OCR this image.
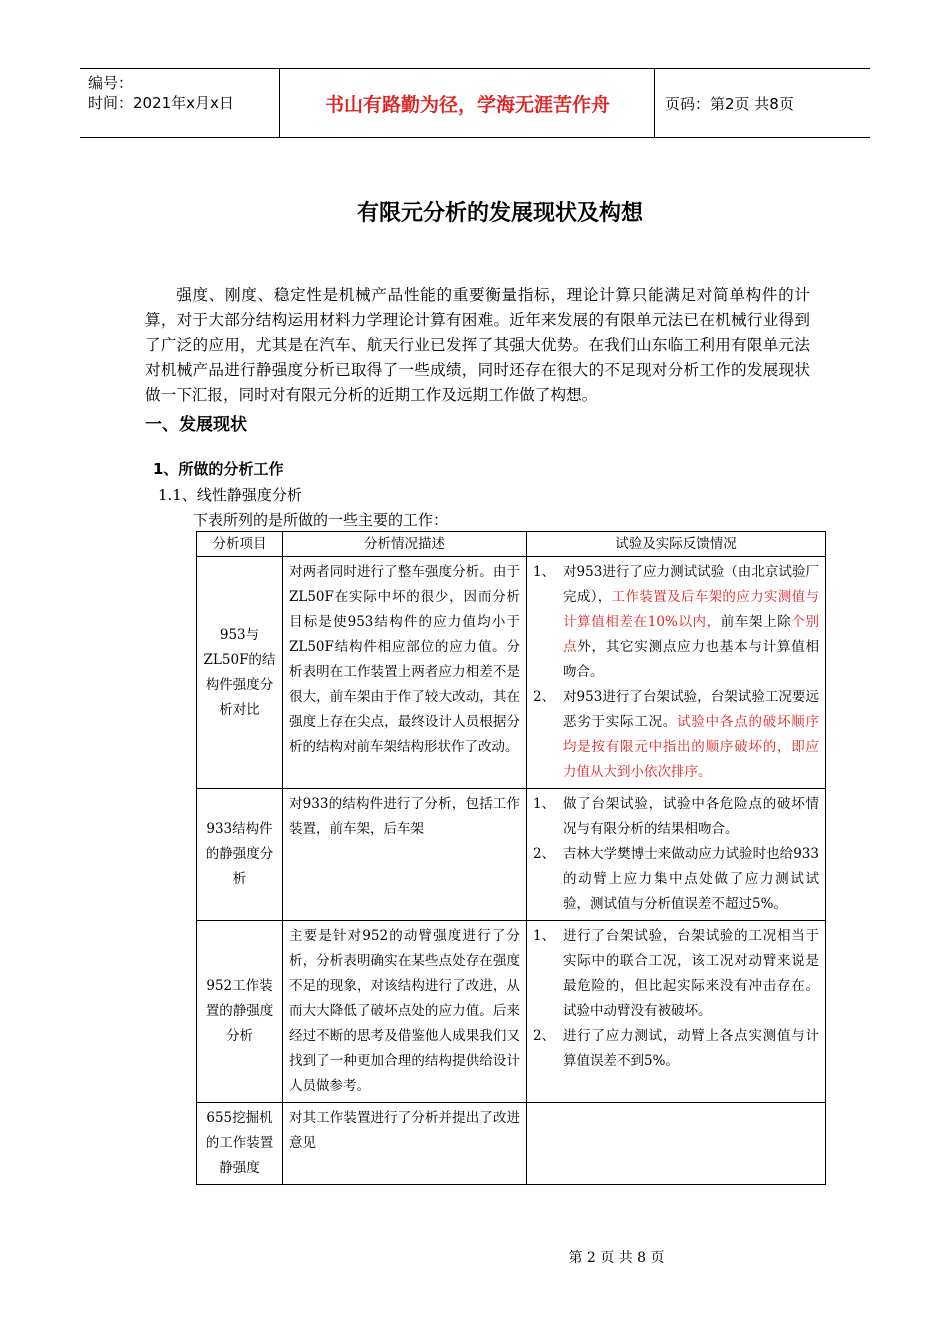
编号：
时间：2021年x月x日	书山有路勤为径，学海无涯苦作舟	页码：第2页 共8页
有限元分析的发展现状及构想

强度、刚度、稳定性是机械产品性能的重要衡量指标，理论计算只能满足对简单构件的计算，对于大部分结构运用材料力学理论计算有困难。近年来发展的有限单元法已在机械行业得到了广泛的应用，尤其是在汽车、航天行业已发挥了其强大优势。在我们山东临工利用有限单元法对机械产品进行静强度分析已取得了一些成绩，同时还存在很大的不足现对分析工作的发展现状做一下汇报，同时对有限元分析的近期工作及远期工作做了构想。

一、发展现状
1、所做的分析工作
1.1、线性静强度分析
下表所列的是所做的一些主要的工作：
分析项目	分析情况描述	试验及实际反馈情况
953与ZL50F的结构件强度分析对比	对两者同时进行了整车强度分析。由于ZL50F在实际中坏的很少，因而分析目标是使953结构件的应力值均小于ZL50F结构件相应部位的应力值。分析表明在工作装置上两者应力相差不是很大，前车架由于作了较大改动，其在强度上存在尖点，最终设计人员根据分析的结构对前车架结构形状作了改动。	1、 对953进行了应力测试试验（由北京试验厂完成），工作装置及后车架的应力实测值与计算值相差在10%以内，前车架上除个别点外，其它实测点应力也基本与计算值相吻合。
2、 对953进行了台架试验，台架试验工况要远恶劣于实际工况。试验中各点的破坏顺序均是按有限元中指出的顺序破坏的，即应力值从大到小依次排序。

933结构件的静强度分析	对933的结构件进行了分析，包括工作装置，前车架，后车架	1、 做了台架试验，试验中各危险点的破坏情况与有限分析的结果相吻合。
2、 吉林大学樊博士来做动应力试验时也给933的动臂上应力集中点处做了应力测试试验，测试值与分析值误差不超过5%。

952工作装置的静强度分析	主要是针对952的动臂强度进行了分析，分析表明确实在某些点处存在强度不足的现象，对该结构进行了改进，从而大大降低了破坏点处的应力值。后来经过不断的思考及借鉴他人成果我们又找到了一种更加合理的结构提供给设计人员做参考。	1、 进行了台架试验，台架试验的工况相当于实际中的联合工况，该工况对动臂来说是最危险的，但比起实际来没有冲击存在。试验中动臂没有被破坏。
2、 进行了应力测试，动臂上各点实测值与计算值误差不到5%。

655挖掘机的工作装置静强度	对其工作装置进行了分析并提出了改进意见	
第 2 页 共 8 页
